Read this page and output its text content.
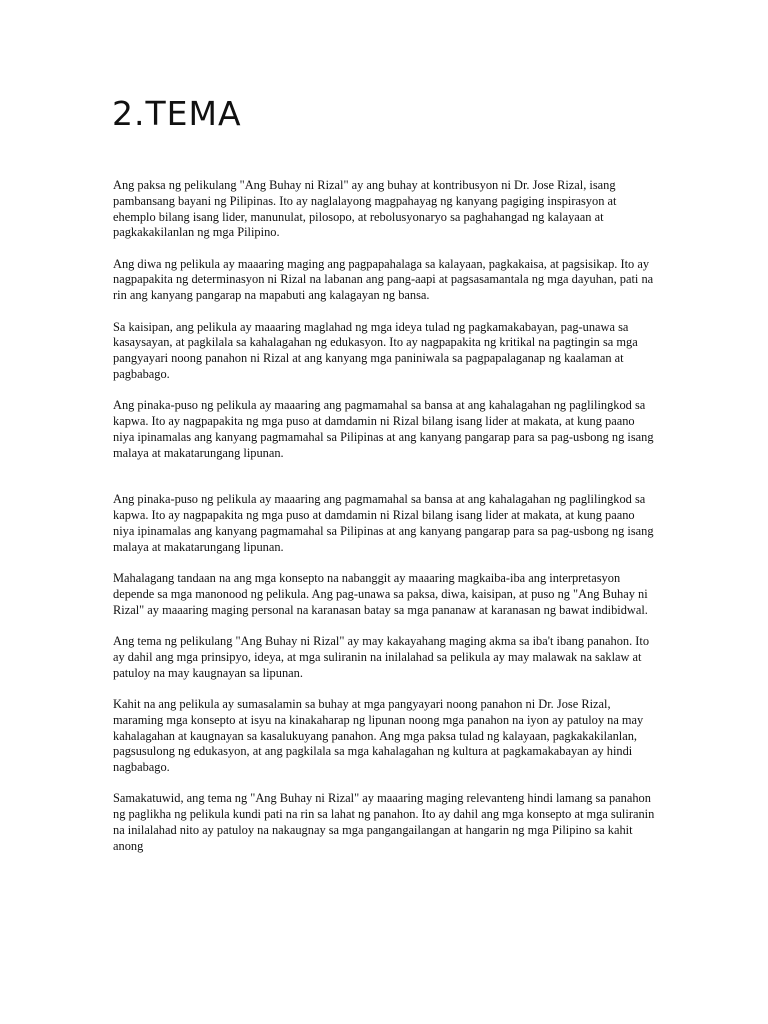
2.TEMA

Ang paksa ng pelikulang "Ang Buhay ni Rizal" ay ang buhay at kontribusyon ni Dr. Jose Rizal, isang pambansang bayani ng Pilipinas. Ito ay naglalayong magpahayag ng kanyang pagiging inspirasyon at ehemplo bilang isang lider, manunulat, pilosopo, at rebolusyonaryo sa paghahangad ng kalayaan at pagkakakilanlan ng mga Pilipino.

Ang diwa ng pelikula ay maaaring maging ang pagpapahalaga sa kalayaan, pagkakaisa, at pagsisikap. Ito ay nagpapakita ng determinasyon ni Rizal na labanan ang pang-aapi at pagsasamantala ng mga dayuhan, pati na rin ang kanyang pangarap na mapabuti ang kalagayan ng bansa.

Sa kaisipan, ang pelikula ay maaaring maglahad ng mga ideya tulad ng pagkamakabayan, pag-unawa sa kasaysayan, at pagkilala sa kahalagahan ng edukasyon. Ito ay nagpapakita ng kritikal na pagtingin sa mga pangyayari noong panahon ni Rizal at ang kanyang mga paniniwala sa pagpapalaganap ng kaalaman at pagbabago.

Ang pinaka-puso ng pelikula ay maaaring ang pagmamahal sa bansa at ang kahalagahan ng paglilingkod sa kapwa. Ito ay nagpapakita ng mga puso at damdamin ni Rizal bilang isang lider at makata, at kung paano niya ipinamalas ang kanyang pagmamahal sa Pilipinas at ang kanyang pangarap para sa pag-usbong ng isang malaya at makatarungang lipunan.

Ang pinaka-puso ng pelikula ay maaaring ang pagmamahal sa bansa at ang kahalagahan ng paglilingkod sa kapwa. Ito ay nagpapakita ng mga puso at damdamin ni Rizal bilang isang lider at makata, at kung paano niya ipinamalas ang kanyang pagmamahal sa Pilipinas at ang kanyang pangarap para sa pag-usbong ng isang malaya at makatarungang lipunan.

Mahalagang tandaan na ang mga konsepto na nabanggit ay maaaring magkaiba-iba ang interpretasyon depende sa mga manonood ng pelikula. Ang pag-unawa sa paksa, diwa, kaisipan, at puso ng "Ang Buhay ni Rizal" ay maaaring maging personal na karanasan batay sa mga pananaw at karanasan ng bawat indibidwal.

Ang tema ng pelikulang "Ang Buhay ni Rizal" ay may kakayahang maging akma sa iba't ibang panahon. Ito ay dahil ang mga prinsipyo, ideya, at mga suliranin na inilalahad sa pelikula ay may malawak na saklaw at patuloy na may kaugnayan sa lipunan.

Kahit na ang pelikula ay sumasalamin sa buhay at mga pangyayari noong panahon ni Dr. Jose Rizal, maraming mga konsepto at isyu na kinakaharap ng lipunan noong mga panahon na iyon ay patuloy na may kahalagahan at kaugnayan sa kasalukuyang panahon. Ang mga paksa tulad ng kalayaan, pagkakakilanlan, pagsusulong ng edukasyon, at ang pagkilala sa mga kahalagahan ng kultura at pagkamakabayan ay hindi nagbabago.

Samakatuwid, ang tema ng "Ang Buhay ni Rizal" ay maaaring maging relevanteng hindi lamang sa panahon ng paglikha ng pelikula kundi pati na rin sa lahat ng panahon. Ito ay dahil ang mga konsepto at mga suliranin na inilalahad nito ay patuloy na nakaugnay sa mga pangangailangan at hangarin ng mga Pilipino sa kahit anong
